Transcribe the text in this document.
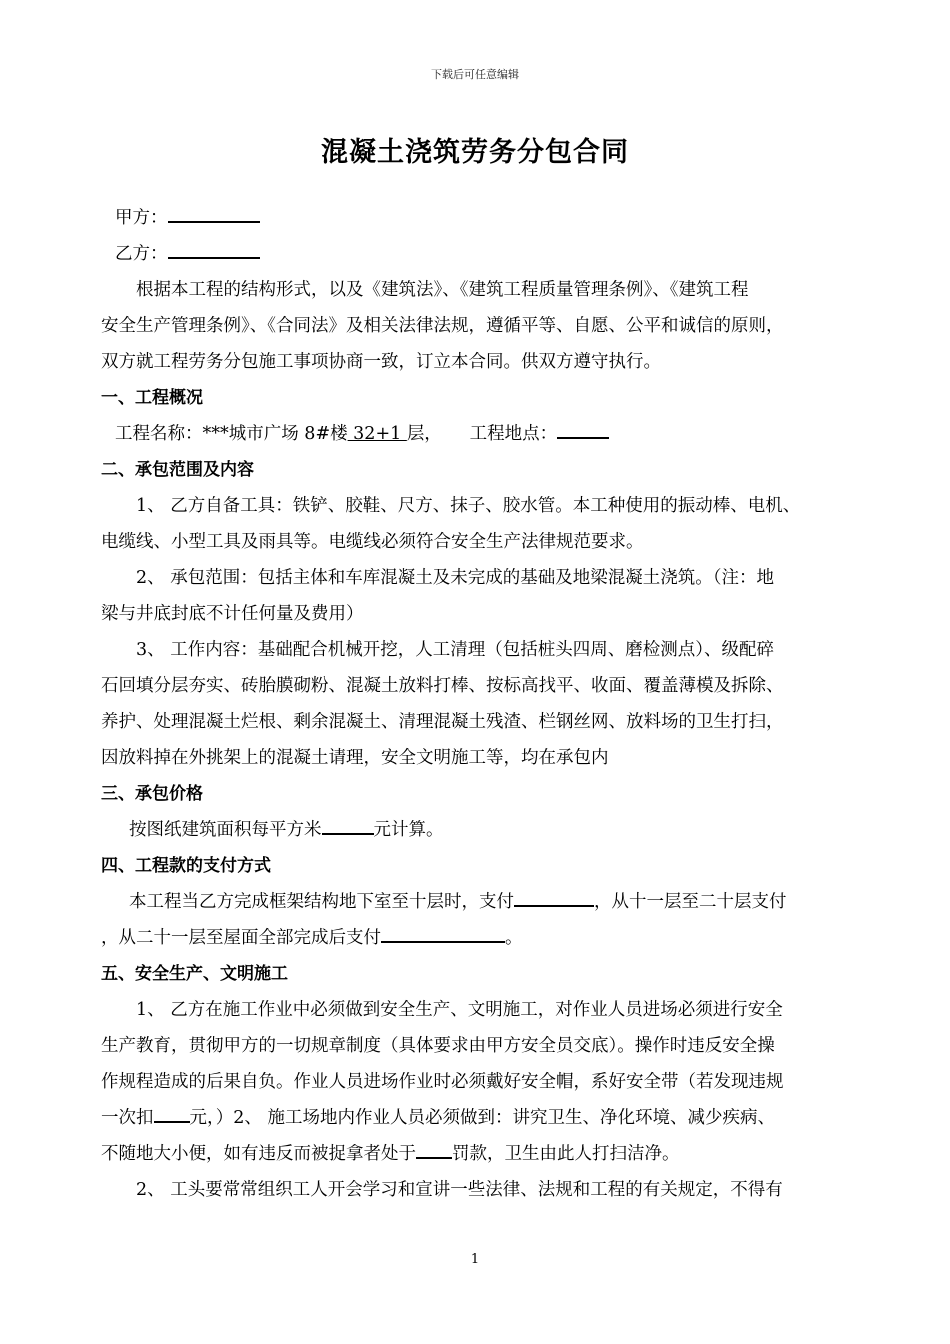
下载后可任意编辑
混凝土浇筑劳务分包合同

甲方：

乙方：

根据本工程的结构形式，以及《建筑法》、《建筑工程质量管理条例》、《建筑工程

安全生产管理条例》、《合同法》及相关法律法规，遵循平等、自愿、公平和诚信的原则，

双方就工程劳务分包施工事项协商一致，订立本合同。供双方遵守执行。

一、工程概况

工程名称：***城市广场 8#楼 32+1 层， 工程地点：

二、承包范围及内容

1、 乙方自备工具：铁铲、胶鞋、尺方、抹子、胶水管。本工种使用的振动棒、电机、

电缆线、小型工具及雨具等。电缆线必须符合安全生产法律规范要求。

2、 承包范围：包括主体和车库混凝土及未完成的基础及地梁混凝土浇筑。（注：地

梁与井底封底不计任何量及费用）

3、 工作内容：基础配合机械开挖，人工清理（包括桩头四周、磨检测点）、级配碎

石回填分层夯实、砖胎膜砌粉、混凝土放料打棒、按标高找平、收面、覆盖薄模及拆除、

养护、处理混凝土烂根、剩余混凝土、清理混凝土残渣、栏钢丝网、放料场的卫生打扫，

因放料掉在外挑架上的混凝土请理，安全文明施工等，均在承包内

三、承包价格

按图纸建筑面积每平方米	元计算。

四、工程款的支付方式

本工程当乙方完成框架结构地下室至十层时，支付	，从十一层至二十层支付

，从二十一层至屋面全部完成后支付	。

五、安全生产、文明施工

1、 乙方在施工作业中必须做到安全生产、文明施工，对作业人员进场必须进行安全

生产教育，贯彻甲方的一切规章制度（具体要求由甲方安全员交底）。操作时违反安全操

作规程造成的后果自负。作业人员进场作业时必须戴好安全帽，系好安全带（若发现违规

一次扣 元，）2、 施工场地内作业人员必须做到：讲究卫生、净化环境、减少疾病、

不随地大小便，如有违反而被捉拿者处于 罚款，卫生由此人打扫洁净。

2、 工头要常常组织工人开会学习和宣讲一些法律、法规和工程的有关规定，不得有

1
